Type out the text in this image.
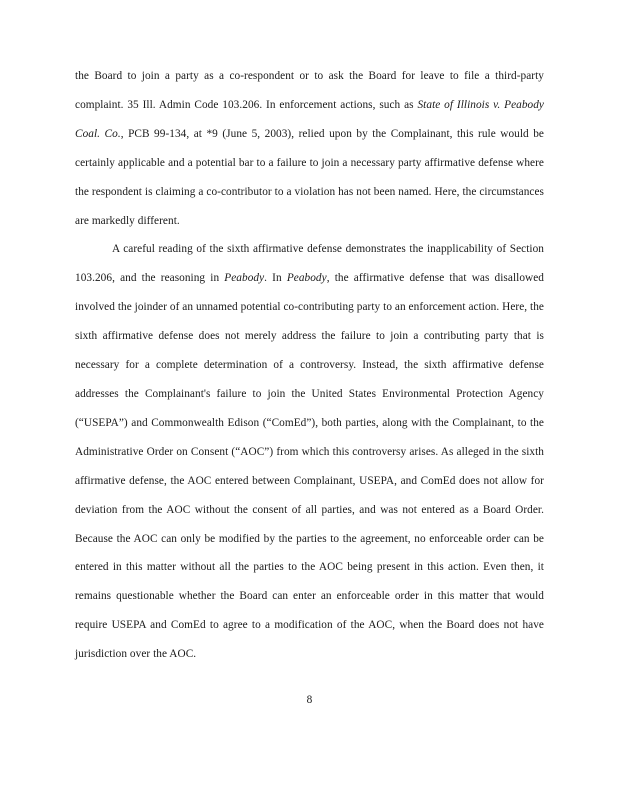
the Board to join a party as a co-respondent or to ask the Board for leave to file a third-party complaint. 35 Ill. Admin Code 103.206. In enforcement actions, such as State of Illinois v. Peabody Coal. Co., PCB 99-134, at *9 (June 5, 2003), relied upon by the Complainant, this rule would be certainly applicable and a potential bar to a failure to join a necessary party affirmative defense where the respondent is claiming a co-contributor to a violation has not been named. Here, the circumstances are markedly different.

A careful reading of the sixth affirmative defense demonstrates the inapplicability of Section 103.206, and the reasoning in Peabody. In Peabody, the affirmative defense that was disallowed involved the joinder of an unnamed potential co-contributing party to an enforcement action. Here, the sixth affirmative defense does not merely address the failure to join a contributing party that is necessary for a complete determination of a controversy. Instead, the sixth affirmative defense addresses the Complainant's failure to join the United States Environmental Protection Agency (“USEPA”) and Commonwealth Edison (“ComEd”), both parties, along with the Complainant, to the Administrative Order on Consent (“AOC”) from which this controversy arises. As alleged in the sixth affirmative defense, the AOC entered between Complainant, USEPA, and ComEd does not allow for deviation from the AOC without the consent of all parties, and was not entered as a Board Order. Because the AOC can only be modified by the parties to the agreement, no enforceable order can be entered in this matter without all the parties to the AOC being present in this action. Even then, it remains questionable whether the Board can enter an enforceable order in this matter that would require USEPA and ComEd to agree to a modification of the AOC, when the Board does not have jurisdiction over the AOC.

8
